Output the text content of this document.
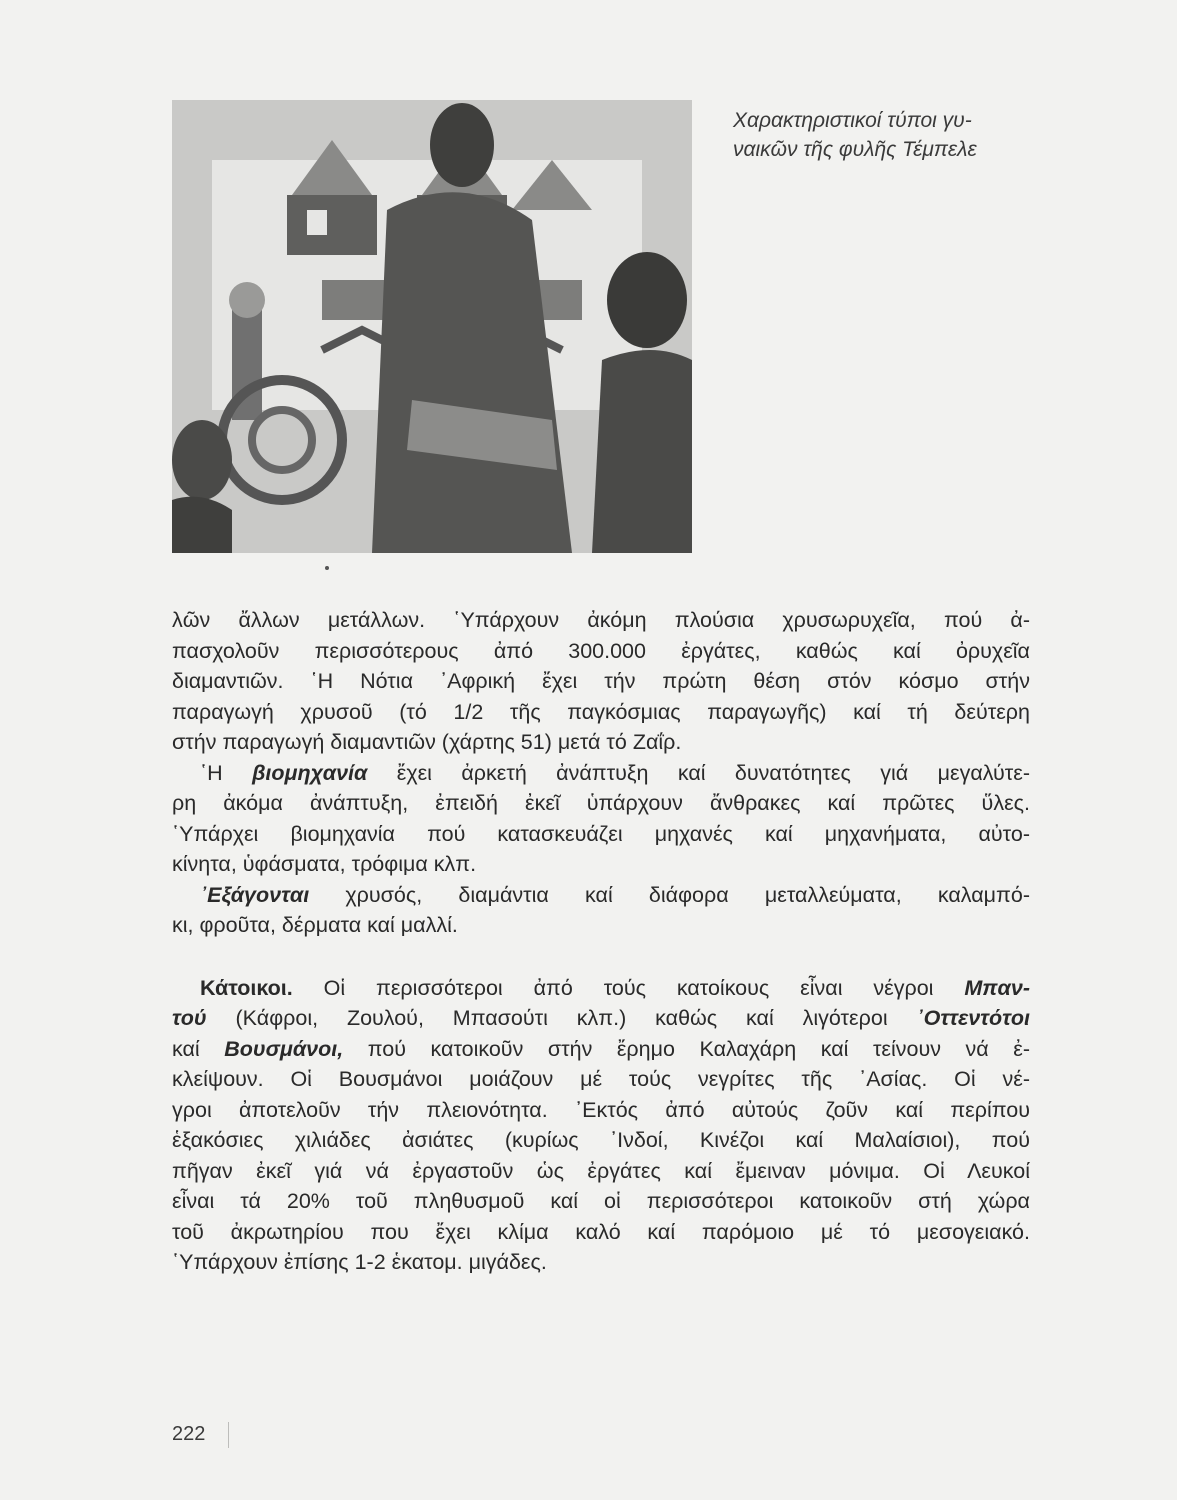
Χαρακτηριστικοί τύποι γυ-
ναικῶν τῆς φυλῆς Τέμπελε
λῶν ἄλλων μετάλλων. ῾Υπάρχουν ἀκόμη πλούσια χρυσωρυχεῖα, πού ἀ-
πασχολοῦν περισσότερους ἀπό 300.000 ἐργάτες, καθώς καί ὀρυχεῖα
διαμαντιῶν. ῾Η Νότια ᾿Αφρική ἔχει τήν πρώτη θέση στόν κόσμο στήν
παραγωγή χρυσοῦ (τό 1/2 τῆς παγκόσμιας παραγωγῆς) καί τή δεύτερη
στήν παραγωγή διαμαντιῶν (χάρτης 51) μετά τό Ζαΐρ.
῾Η βιομηχανία ἔχει ἀρκετή ἀνάπτυξη καί δυνατότητες γιά μεγαλύτε-
ρη ἀκόμα ἀνάπτυξη, ἐπειδή ἐκεῖ ὑπάρχουν ἄνθρακες καί πρῶτες ὕλες.
῾Υπάρχει βιομηχανία πού κατασκευάζει μηχανές καί μηχανήματα, αὐτο-
κίνητα, ὑφάσματα, τρόφιμα κλπ.
᾿Εξάγονται χρυσός, διαμάντια καί διάφορα μεταλλεύματα, καλαμπό-
κι, φροῦτα, δέρματα καί μαλλί.
Κάτοικοι. Οἱ περισσότεροι ἀπό τούς κατοίκους εἶναι νέγροι Μπαν-
τού (Κάφροι, Ζουλού, Μπασούτι κλπ.) καθώς καί λιγότεροι ᾿Οττεντότοι
καί Βουσμάνοι, πού κατοικοῦν στήν ἔρημο Καλαχάρη καί τείνουν νά ἐ-
κλείψουν. Οἱ Βουσμάνοι μοιάζουν μέ τούς νεγρίτες τῆς ᾿Ασίας. Οἱ νέ-
γροι ἀποτελοῦν τήν πλειονότητα. ᾿Εκτός ἀπό αὐτούς ζοῦν καί περίπου
ἑξακόσιες χιλιάδες ἀσιάτες (κυρίως ᾿Ινδοί, Κινέζοι καί Μαλαίσιοι), πού
πῆγαν ἐκεῖ γιά νά ἐργαστοῦν ὡς ἐργάτες καί ἔμειναν μόνιμα. Οἱ Λευκοί
εἶναι τά 20% τοῦ πληθυσμοῦ καί οἱ περισσότεροι κατοικοῦν στή χώρα
τοῦ ἀκρωτηρίου που ἔχει κλίμα καλό καί παρόμοιο μέ τό μεσογειακό.
῾Υπάρχουν ἐπίσης 1-2 ἑκατομ. μιγάδες.
222
